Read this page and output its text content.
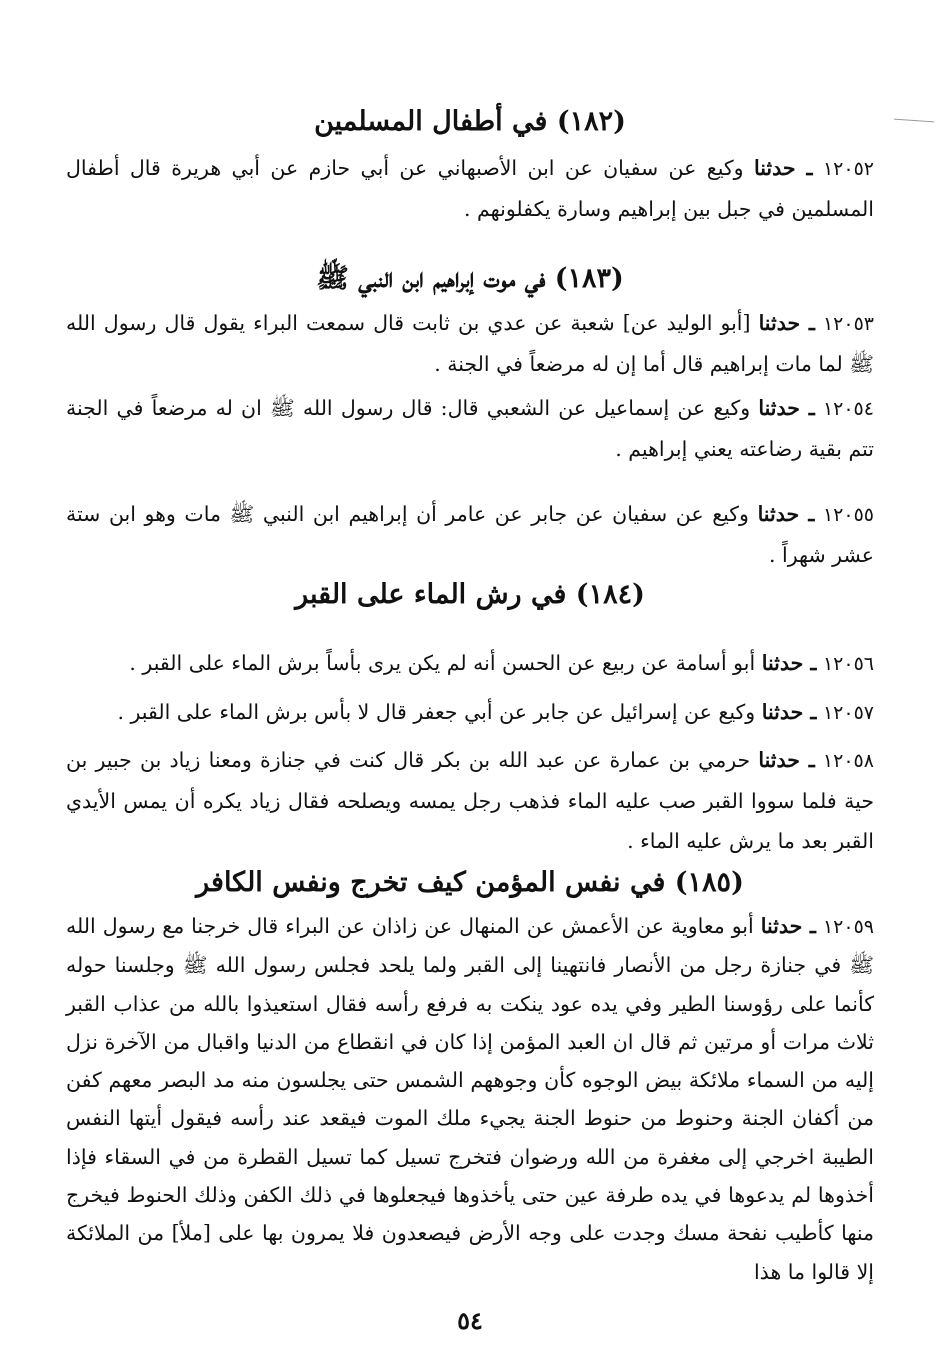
(١٨٢) في أطفال المسلمين
١٢٠٥٢ ـ حدثنا وكيع عن سفيان عن ابن الأصبهاني عن أبي حازم عن أبي هريرة قال أطفال المسلمين في جبل بين إبراهيم وسارة يكفلونهم .
(١٨٣) في موت إبراهيم ابن النبي ﷺ
١٢٠٥٣ ـ حدثنا [أبو الوليد عن] شعبة عن عدي بن ثابت قال سمعت البراء يقول قال رسول الله ﷺ لما مات إبراهيم قال أما إن له مرضعاً في الجنة .
١٢٠٥٤ ـ حدثنا وكيع عن إسماعيل عن الشعبي قال: قال رسول الله ﷺ ان له مرضعاً في الجنة تتم بقية رضاعته يعني إبراهيم .
١٢٠٥٥ ـ حدثنا وكيع عن سفيان عن جابر عن عامر أن إبراهيم ابن النبي ﷺ مات وهو ابن ستة عشر شهراً .
(١٨٤) في رش الماء على القبر
١٢٠٥٦ ـ حدثنا أبو أسامة عن ربيع عن الحسن أنه لم يكن يرى بأساً برش الماء على القبر .
١٢٠٥٧ ـ حدثنا وكيع عن إسرائيل عن جابر عن أبي جعفر قال لا بأس برش الماء على القبر .
١٢٠٥٨ ـ حدثنا حرمي بن عمارة عن عبد الله بن بكر قال كنت في جنازة ومعنا زياد بن جبير بن حية فلما سووا القبر صب عليه الماء فذهب رجل يمسه ويصلحه فقال زياد يكره أن يمس الأيدي القبر بعد ما يرش عليه الماء .
(١٨٥) في نفس المؤمن كيف تخرج ونفس الكافر
١٢٠٥٩ ـ حدثنا أبو معاوية عن الأعمش عن المنهال عن زاذان عن البراء قال خرجنا مع رسول الله ﷺ في جنازة رجل من الأنصار فانتهينا إلى القبر ولما يلحد فجلس رسول الله ﷺ وجلسنا حوله كأنما على رؤوسنا الطير وفي يده عود ينكت به فرفع رأسه فقال استعيذوا بالله من عذاب القبر ثلاث مرات أو مرتين ثم قال ان العبد المؤمن إذا كان في انقطاع من الدنيا واقبال من الآخرة نزل إليه من السماء ملائكة بيض الوجوه كأن وجوههم الشمس حتى يجلسون منه مد البصر معهم كفن من أكفان الجنة وحنوط من حنوط الجنة يجيء ملك الموت فيقعد عند رأسه فيقول أيتها النفس الطيبة اخرجي إلى مغفرة من الله ورضوان فتخرج تسيل كما تسيل القطرة من في السقاء فإذا أخذوها لم يدعوها في يده طرفة عين حتى يأخذوها فيجعلوها في ذلك الكفن وذلك الحنوط فيخرج منها كأطيب نفحة مسك وجدت على وجه الأرض فيصعدون فلا يمرون بها على [ملأ] من الملائكة إلا قالوا ما هذا
٥٤
